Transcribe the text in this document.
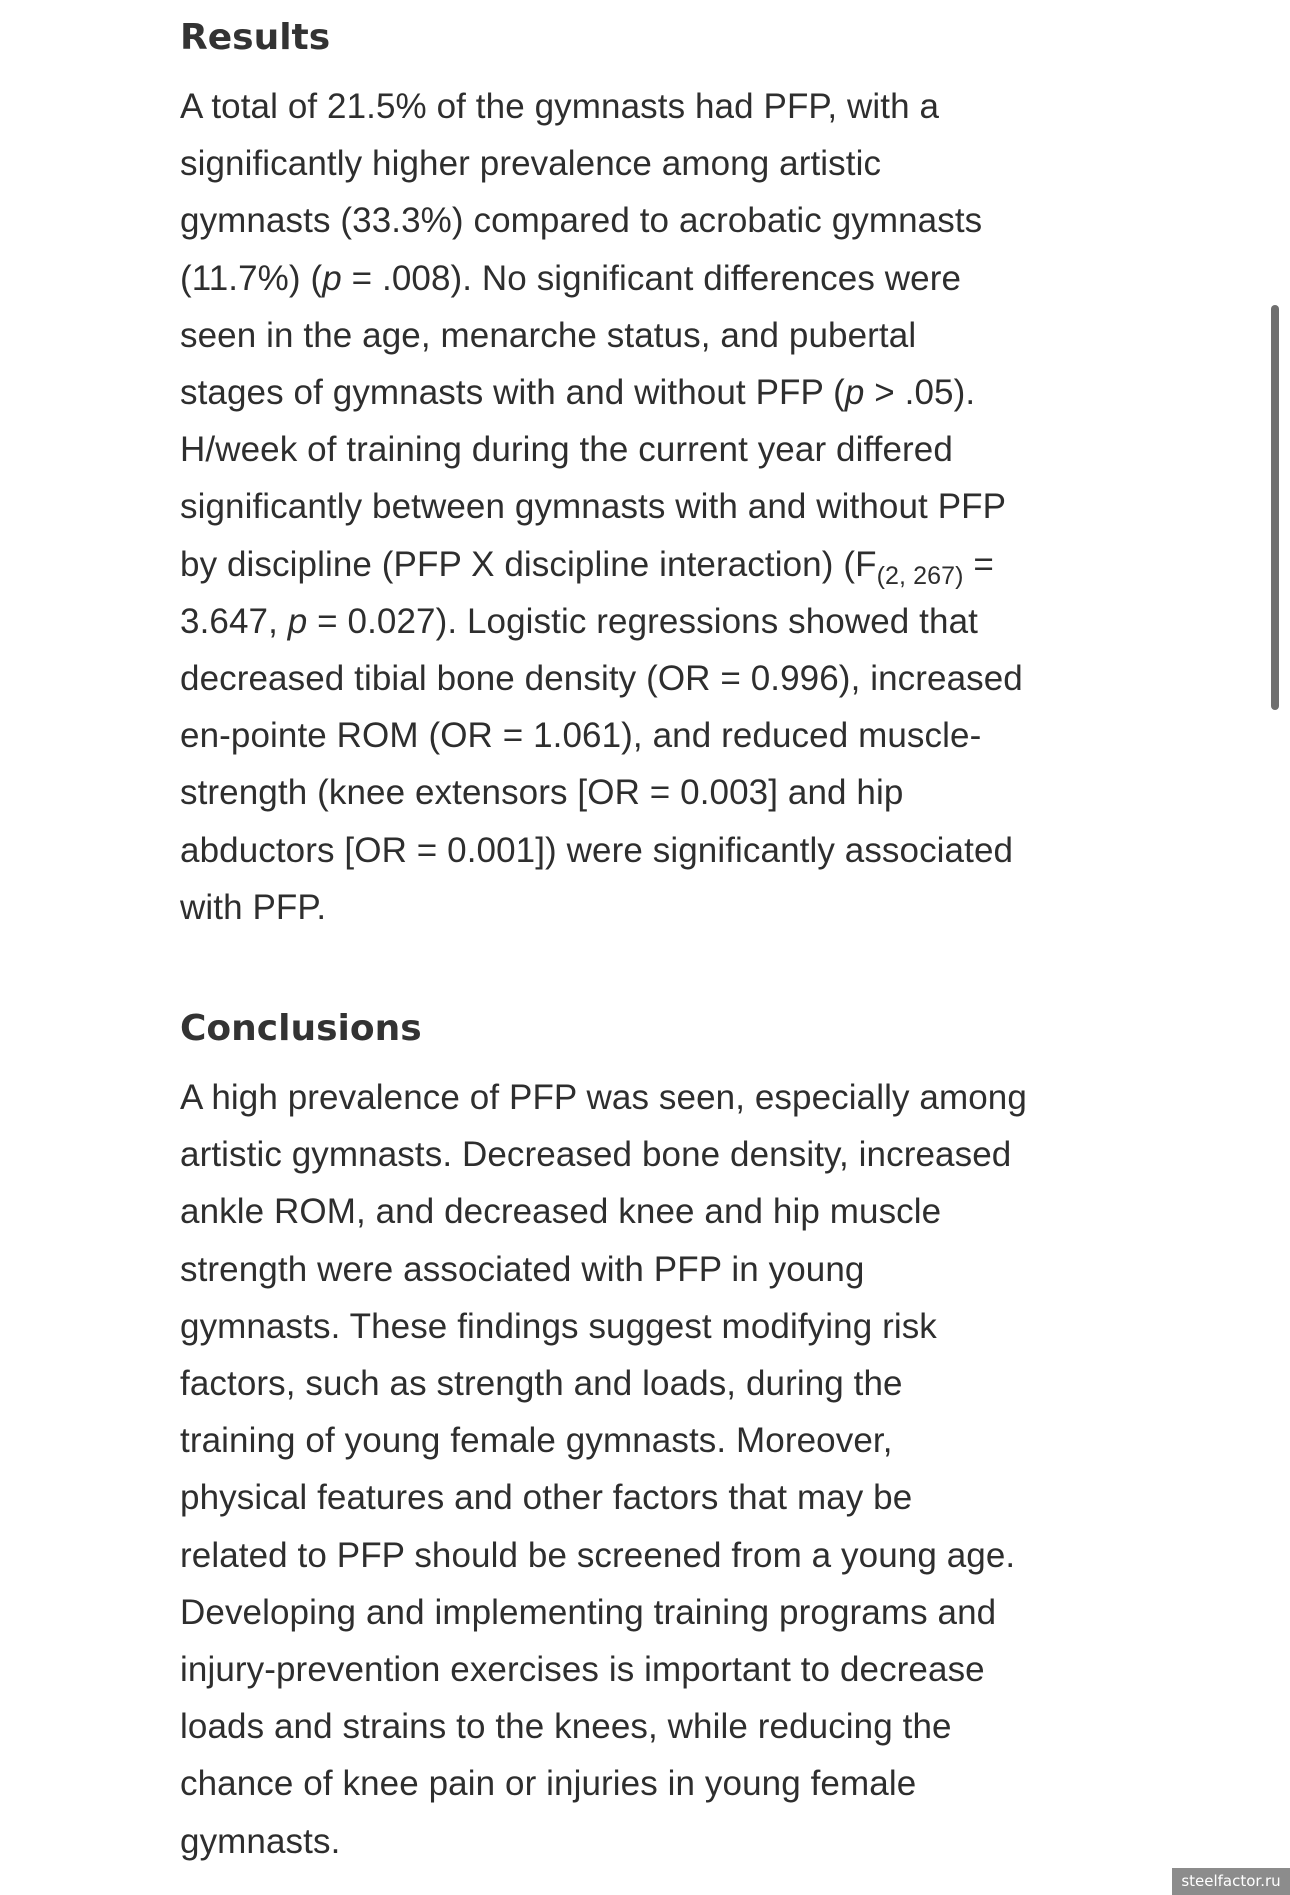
Results
A total of 21.5% of the gymnasts had PFP, with a
significantly higher prevalence among artistic
gymnasts (33.3%) compared to acrobatic gymnasts
(11.7%) (p = .008). No significant differences were
seen in the age, menarche status, and pubertal
stages of gymnasts with and without PFP (p > .05).
H/week of training during the current year differed
significantly between gymnasts with and without PFP
by discipline (PFP X discipline interaction) ($F_{(2, 267)}$ =
3.647, p = 0.027). Logistic regressions showed that
decreased tibial bone density (OR = 0.996), increased
en-pointe ROM (OR = 1.061), and reduced muscle-
strength (knee extensors [OR = 0.003] and hip
abductors [OR = 0.001]) were significantly associated
with PFP.
Conclusions
A high prevalence of PFP was seen, especially among
artistic gymnasts. Decreased bone density, increased
ankle ROM, and decreased knee and hip muscle
strength were associated with PFP in young
gymnasts. These findings suggest modifying risk
factors, such as strength and loads, during the
training of young female gymnasts. Moreover,
physical features and other factors that may be
related to PFP should be screened from a young age.
Developing and implementing training programs and
injury-prevention exercises is important to decrease
loads and strains to the knees, while reducing the
chance of knee pain or injuries in young female
gymnasts.
steelfactor.ru
